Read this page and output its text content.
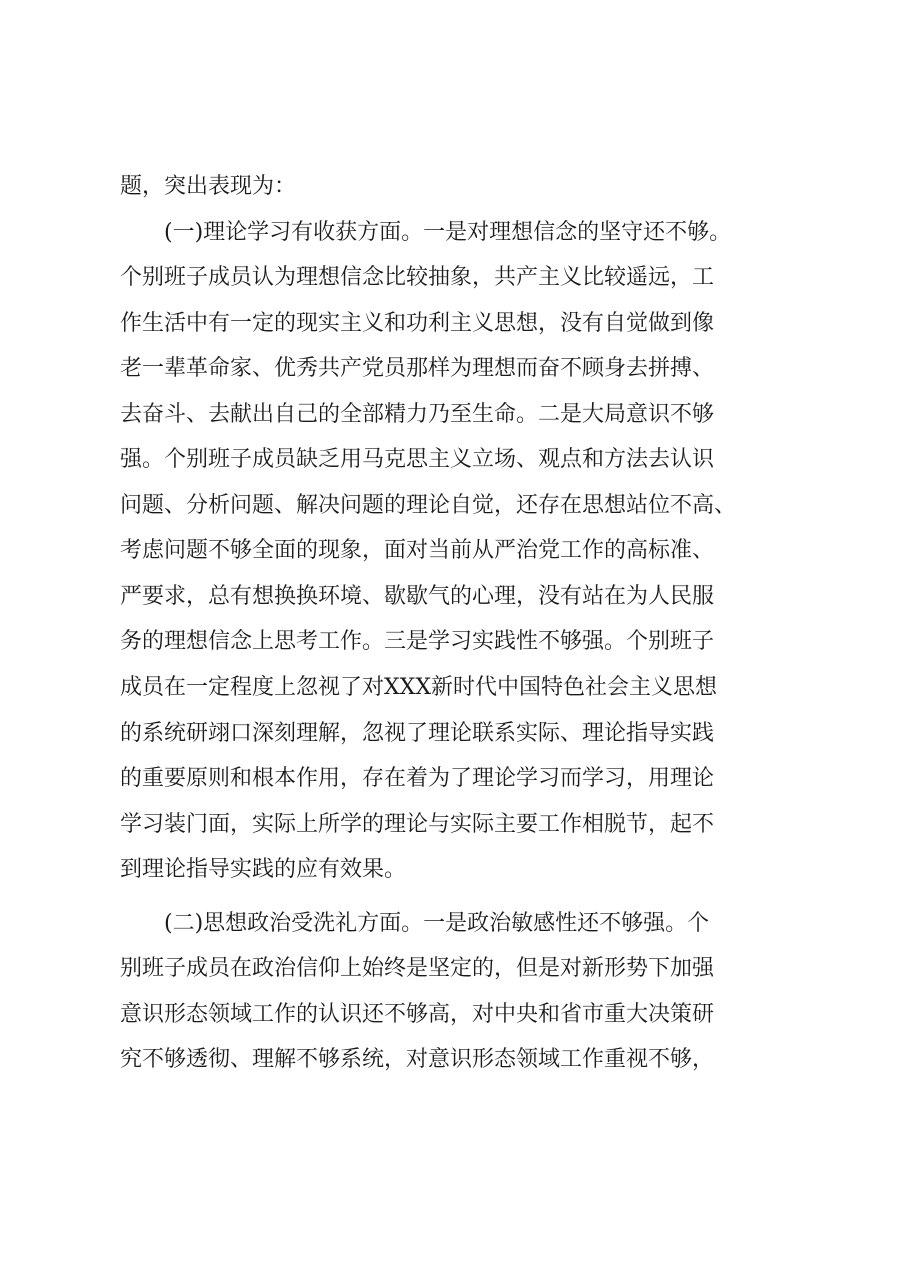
题，突出表现为：
　　(一)理论学习有收获方面。一是对理想信念的坚守还不够。
个别班子成员认为理想信念比较抽象，共产主义比较遥远，工
作生活中有一定的现实主义和功利主义思想，没有自觉做到像
老一辈革命家、优秀共产党员那样为理想而奋不顾身去拼搏、
去奋斗、去献出自己的全部精力乃至生命。二是大局意识不够
强。个别班子成员缺乏用马克思主义立场、观点和方法去认识
问题、分析问题、解决问题的理论自觉，还存在思想站位不高、
考虑问题不够全面的现象，面对当前从严治党工作的高标准、
严要求，总有想换换环境、歇歇气的心理，没有站在为人民服
务的理想信念上思考工作。三是学习实践性不够强。个别班子
成员在一定程度上忽视了对XXX新时代中国特色社会主义思想
的系统研翊口深刻理解，忽视了理论联系实际、理论指导实践
的重要原则和根本作用，存在着为了理论学习而学习，用理论
学习装门面，实际上所学的理论与实际主要工作相脱节，起不
到理论指导实践的应有效果。
　　(二)思想政治受洗礼方面。一是政治敏感性还不够强。个
别班子成员在政治信仰上始终是坚定的，但是对新形势下加强
意识形态领域工作的认识还不够高，对中央和省市重大决策研
究不够透彻、理解不够系统，对意识形态领域工作重视不够，
